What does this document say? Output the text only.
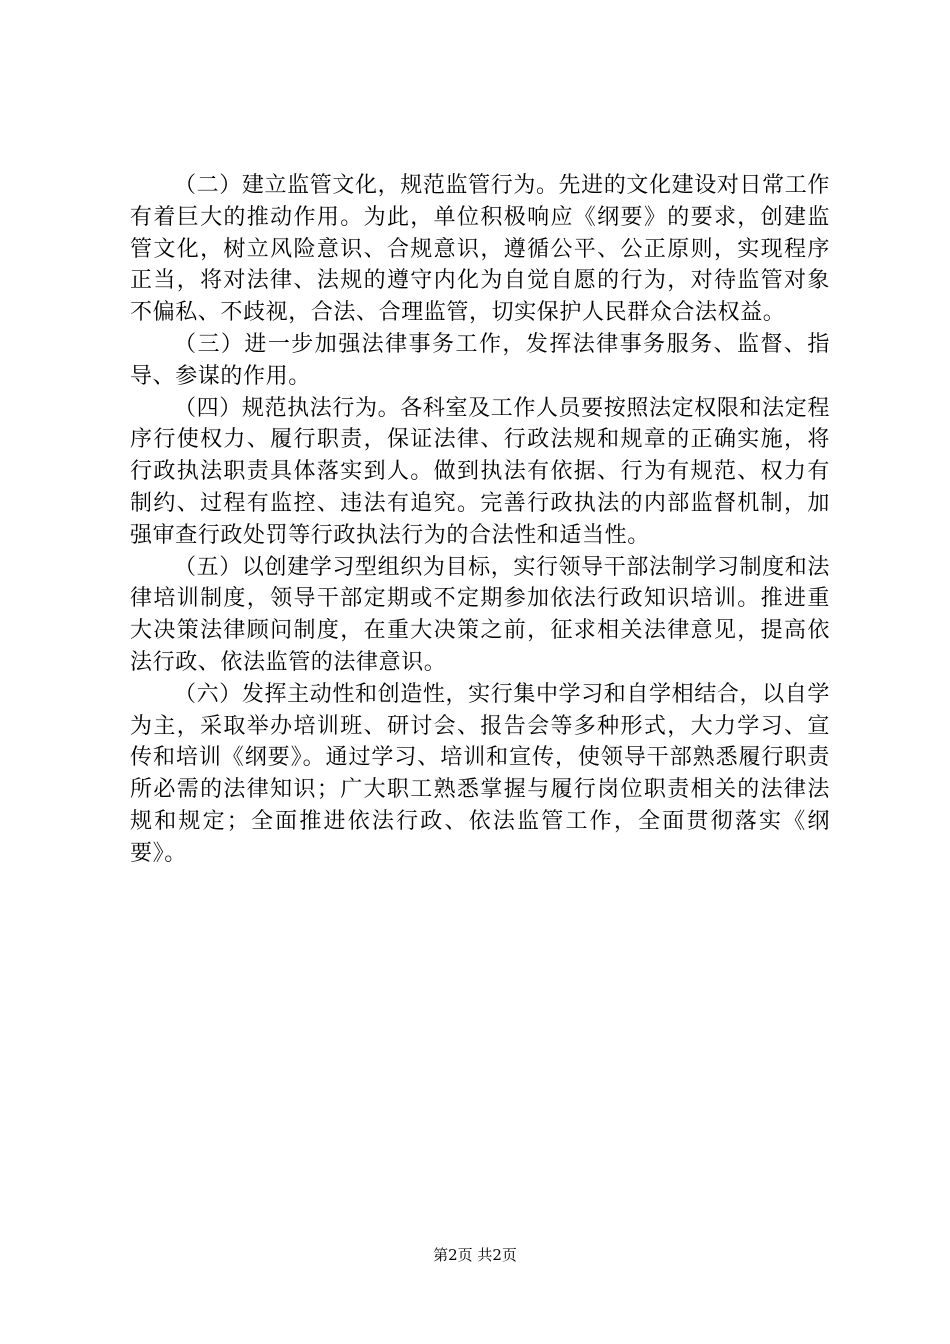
（二）建立监管文化，规范监管行为。先进的文化建设对日常工作有着巨大的推动作用。为此，单位积极响应《纲要》的要求，创建监管文化，树立风险意识、合规意识，遵循公平、公正原则，实现程序正当，将对法律、法规的遵守内化为自觉自愿的行为，对待监管对象不偏私、不歧视，合法、合理监管，切实保护人民群众合法权益。

（三）进一步加强法律事务工作，发挥法律事务服务、监督、指导、参谋的作用。

（四）规范执法行为。各科室及工作人员要按照法定权限和法定程序行使权力、履行职责，保证法律、行政法规和规章的正确实施，将行政执法职责具体落实到人。做到执法有依据、行为有规范、权力有制约、过程有监控、违法有追究。完善行政执法的内部监督机制，加强审查行政处罚等行政执法行为的合法性和适当性。

（五）以创建学习型组织为目标，实行领导干部法制学习制度和法律培训制度，领导干部定期或不定期参加依法行政知识培训。推进重大决策法律顾问制度，在重大决策之前，征求相关法律意见，提高依法行政、依法监管的法律意识。

（六）发挥主动性和创造性，实行集中学习和自学相结合，以自学为主，采取举办培训班、研讨会、报告会等多种形式，大力学习、宣传和培训《纲要》。通过学习、培训和宣传，使领导干部熟悉履行职责所必需的法律知识；广大职工熟悉掌握与履行岗位职责相关的法律法规和规定；全面推进依法行政、依法监管工作，全面贯彻落实《纲要》。

第2页 共2页
